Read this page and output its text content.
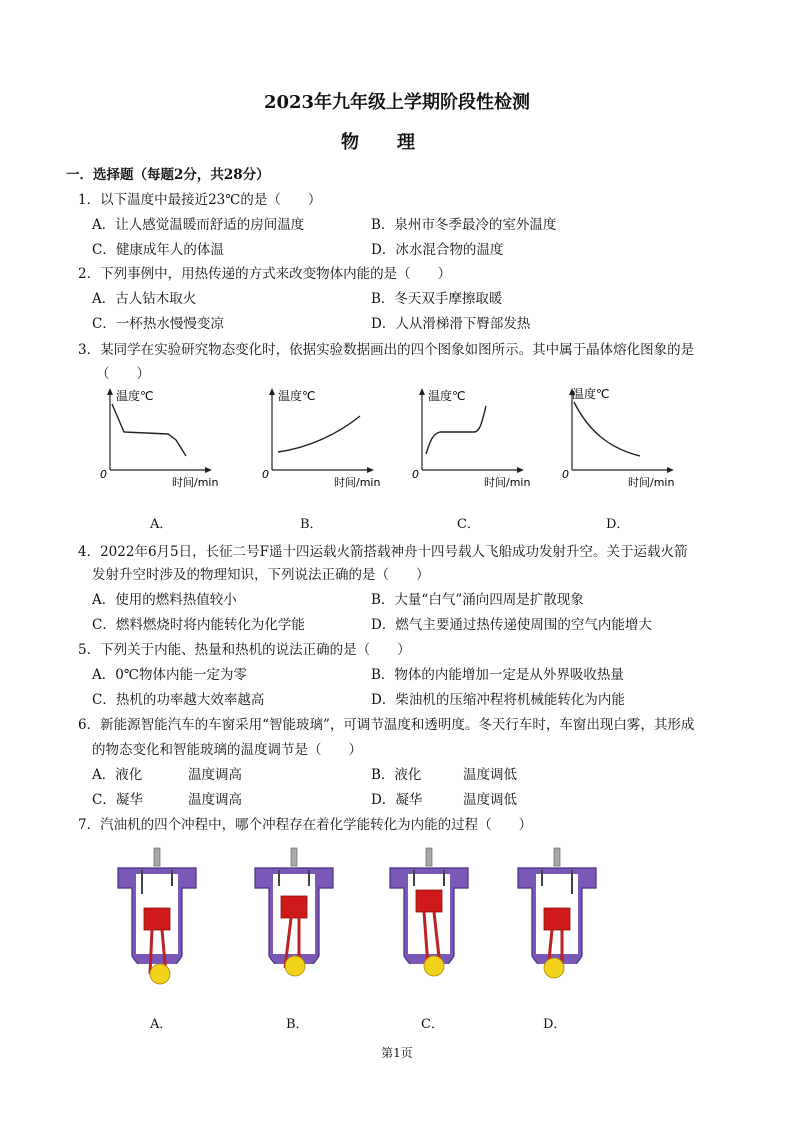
2023年九年级上学期阶段性检测
物理
一．选择题（每题2分，共28分）
1．以下温度中最接近23℃的是（　　）
A．让人感觉温暖而舒适的房间温度	B．泉州市冬季最冷的室外温度
C．健康成年人的体温	D．冰水混合物的温度
2．下列事例中，用热传递的方式来改变物体内能的是（　　）
A．古人钻木取火	B．冬天双手摩擦取暖
C．一杯热水慢慢变凉	D．人从滑梯滑下臀部发热
3．某同学在实验研究物态变化时，依据实验数据画出的四个图象如图所示。其中属于晶体熔化图象的是
（　　）
温度℃
0
时间/min
温度℃
0
时间/min
温度℃
0
时间/min
温度℃
0
时间/min
A．	B．	C．	D．
4．2022年6月5日，长征二号F遥十四运载火箭搭载神舟十四号载人飞船成功发射升空。关于运载火箭
发射升空时涉及的物理知识，下列说法正确的是（　　）
A．使用的燃料热值较小	B．大量“白气”涌向四周是扩散现象
C．燃料燃烧时将内能转化为化学能	D．燃气主要通过热传递使周围的空气内能增大
5．下列关于内能、热量和热机的说法正确的是（　　）
A．0℃物体内能一定为零	B．物体的内能增加一定是从外界吸收热量
C．热机的功率越大效率越高	D．柴油机的压缩冲程将机械能转化为内能
6．新能源智能汽车的车窗采用“智能玻璃”，可调节温度和透明度。冬天行车时，车窗出现白雾，其形成
的物态变化和智能玻璃的温度调节是（　　）
A．液化	温度调高	B．液化	温度调低
C．凝华	温度调高	D．凝华	温度调低
7．汽油机的四个冲程中，哪个冲程存在着化学能转化为内能的过程（　　）
A．	B．	C．	D．
第1页
